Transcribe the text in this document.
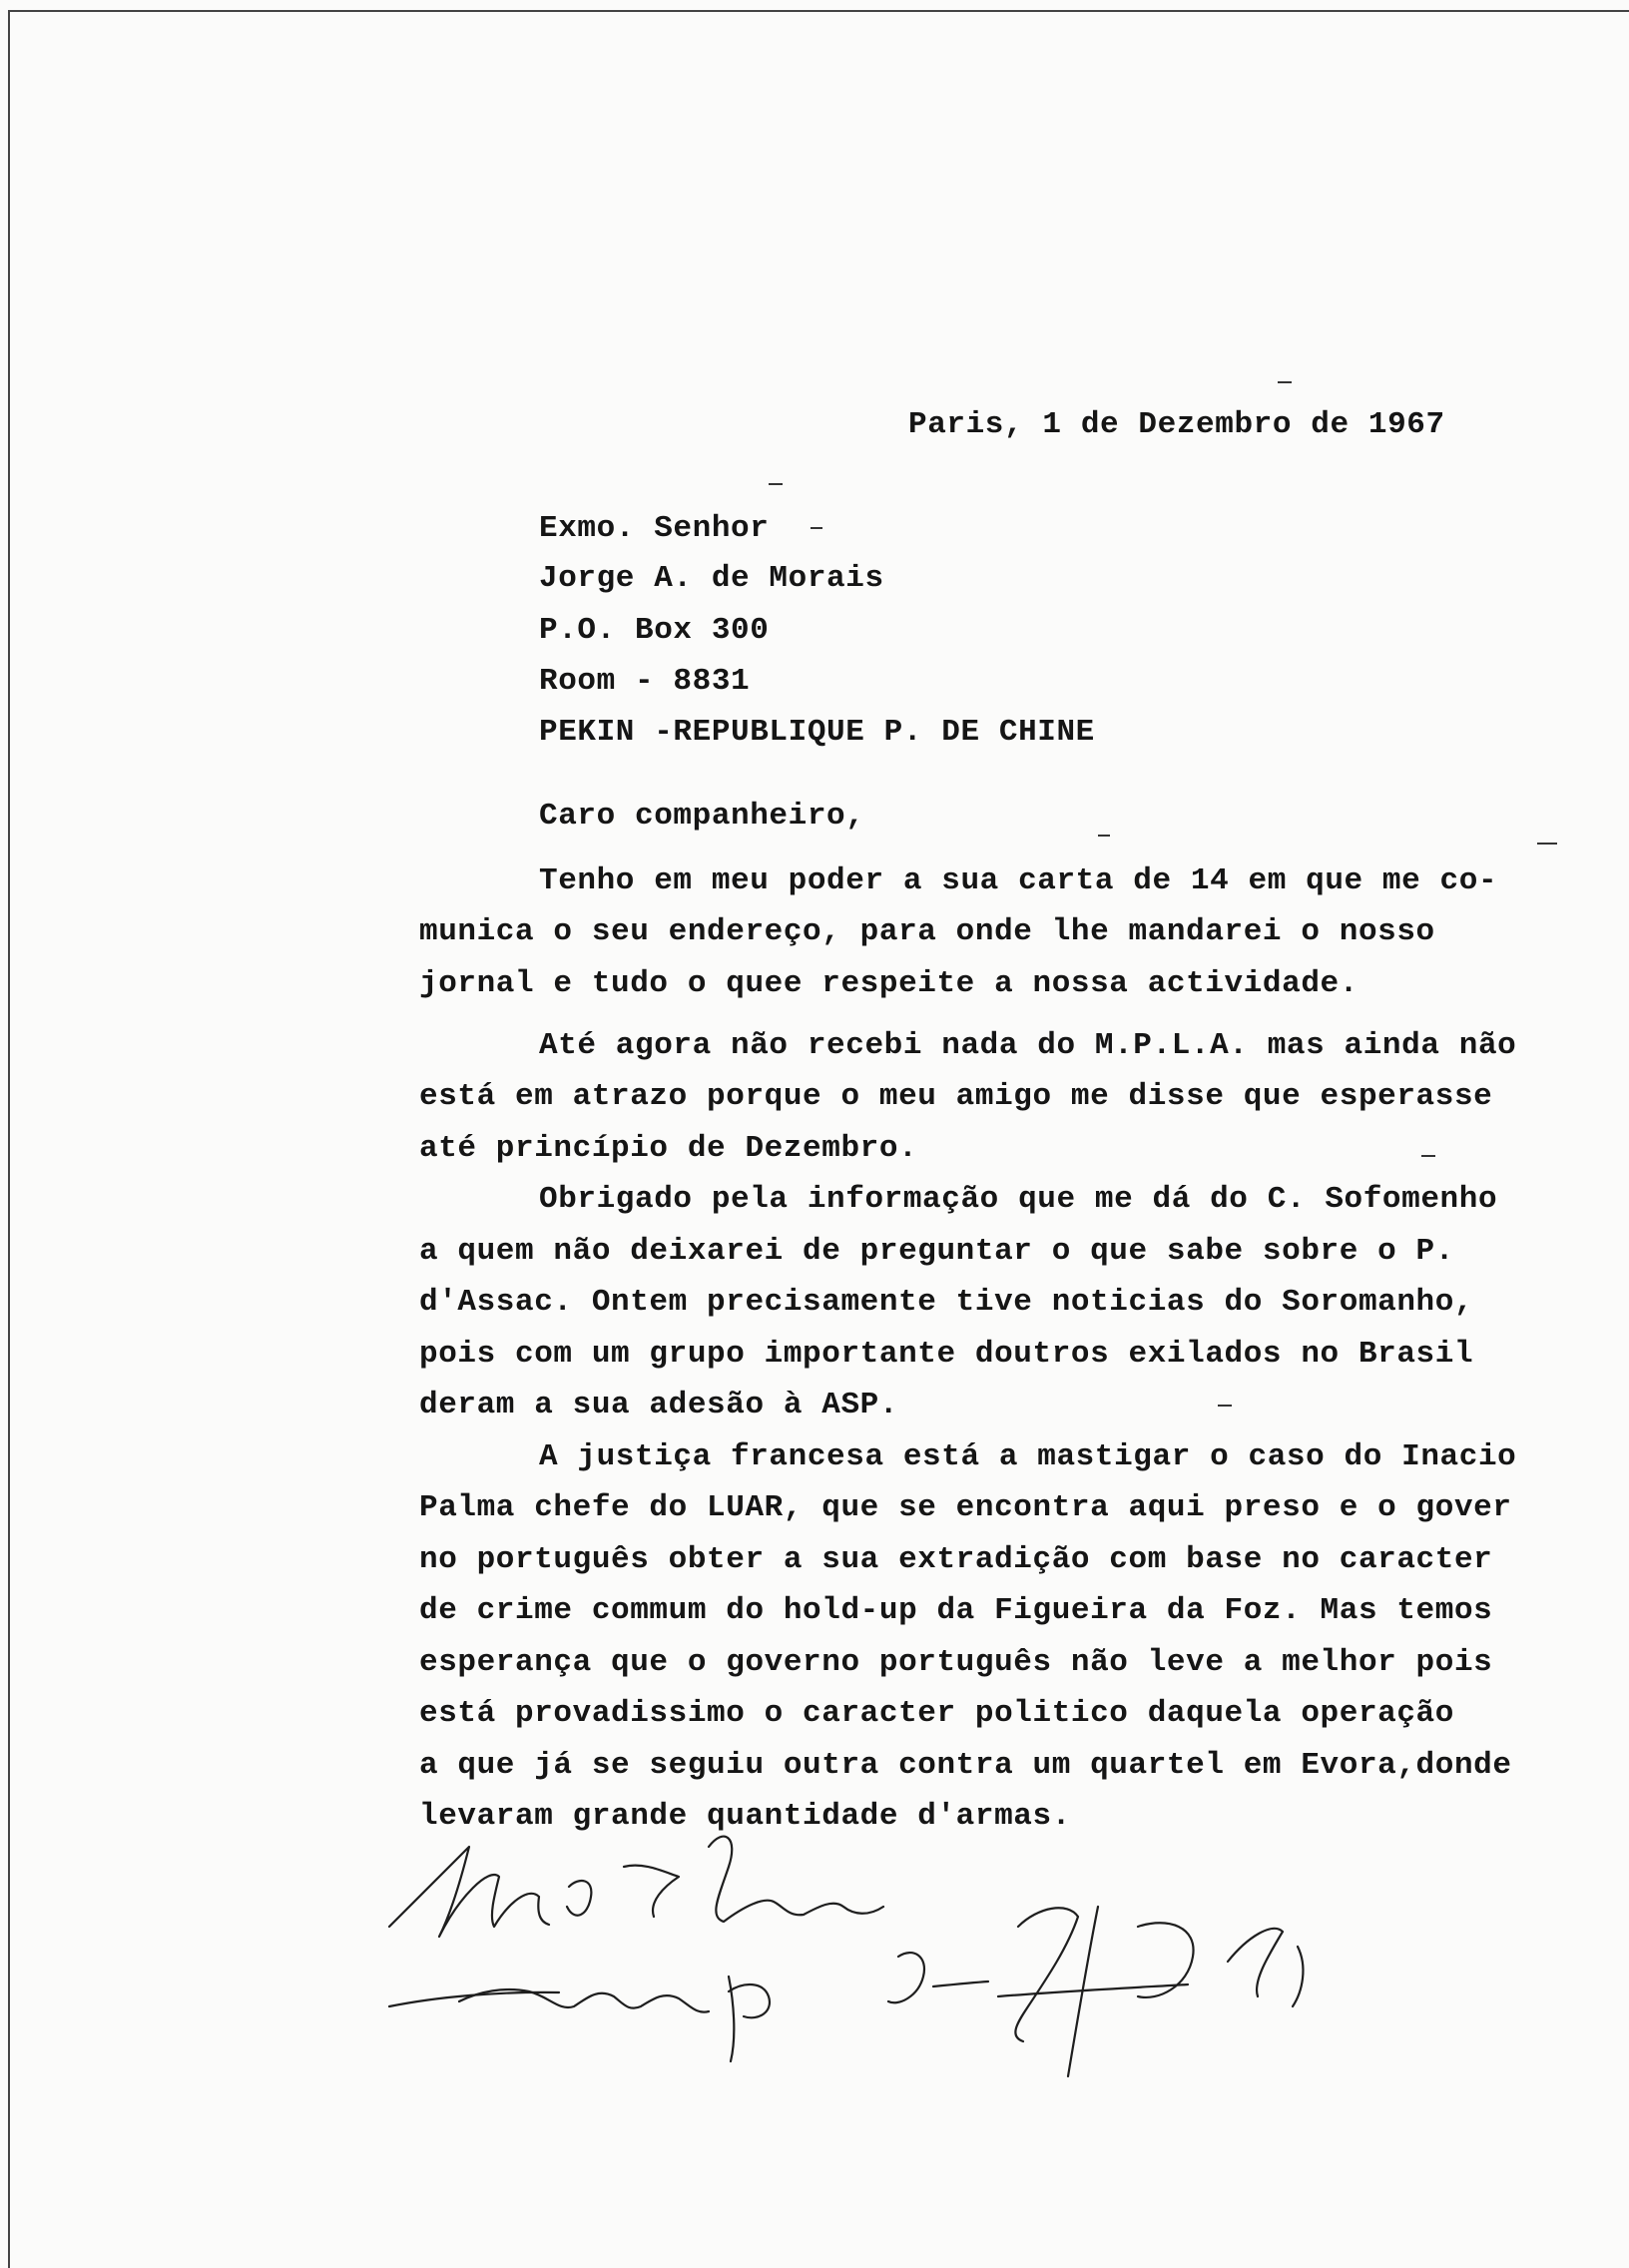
Paris, 1 de Dezembro de 1967
Exmo. Senhor
Jorge A. de Morais
P.O. Box 300
Room - 8831
PEKIN -REPUBLIQUE P. DE CHINE
Caro companheiro,
Tenho em meu poder a sua carta de 14 em que me co-
munica o seu endereço, para onde lhe mandarei o nosso
jornal e tudo o quee respeite a nossa actividade.
Até agora não recebi nada do M.P.L.A. mas ainda não
está em atrazo porque o meu amigo me disse que esperasse
até princípio de Dezembro.
Obrigado pela informação que me dá do C. Sofomenho
a quem não deixarei de preguntar o que sabe sobre o P.
d'Assac. Ontem precisamente tive noticias do Soromanho,
pois com um grupo importante doutros exilados no Brasil
deram a sua adesão à ASP.
A justiça francesa está a mastigar o caso do Inacio
Palma chefe do LUAR, que se encontra aqui preso e o gover
no português obter a sua extradição com base no caracter
de crime commum do hold-up da Figueira da Foz. Mas temos
esperança que o governo português não leve a melhor pois
está provadissimo o caracter politico daquela operação
a que já se seguiu outra contra um quartel em Evora,donde
levaram grande quantidade d'armas.
